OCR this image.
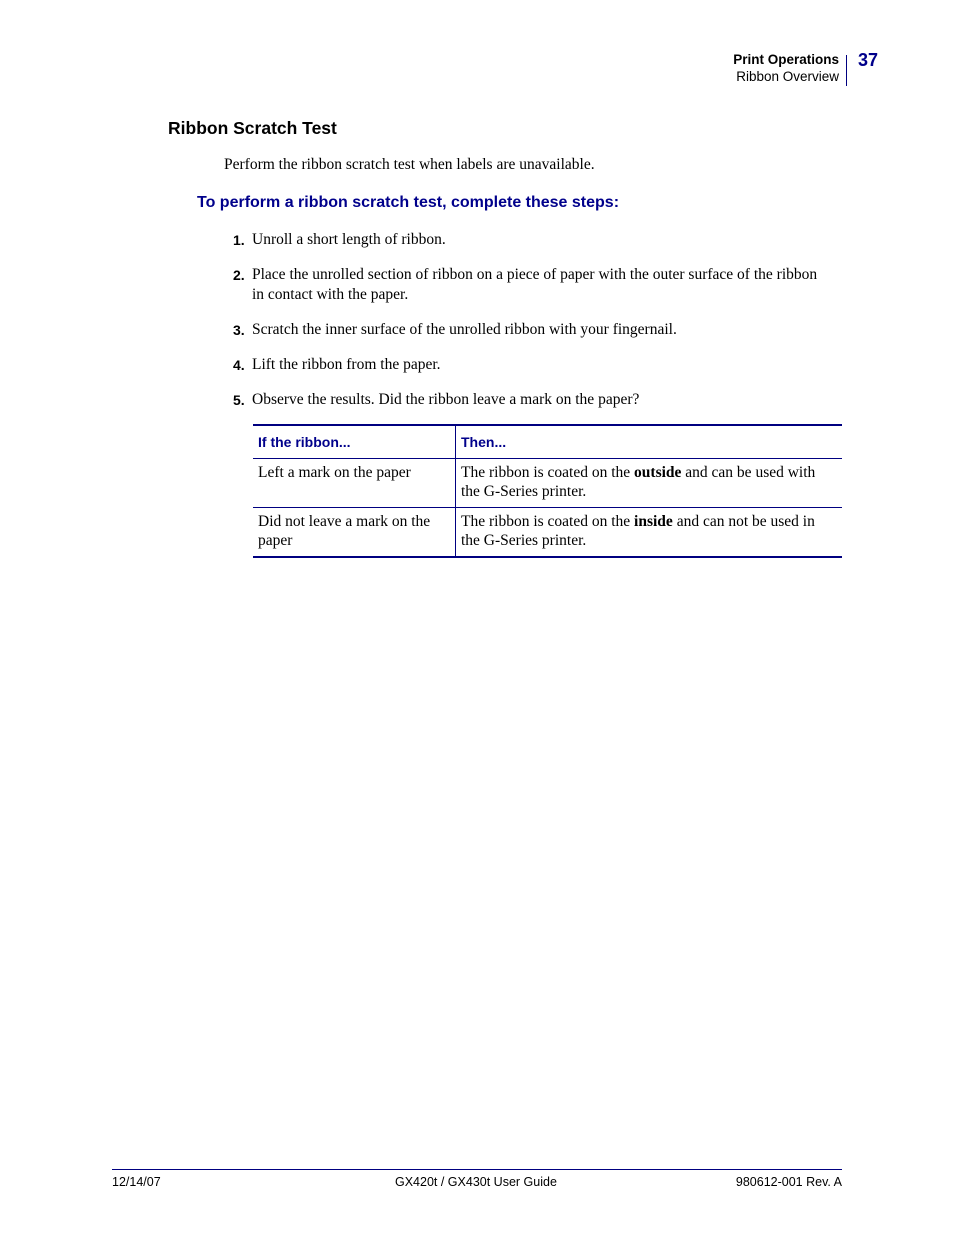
Print Operations
Ribbon Overview
37
Ribbon Scratch Test
Perform the ribbon scratch test when labels are unavailable.
To perform a ribbon scratch test, complete these steps:
1. Unroll a short length of ribbon.
2. Place the unrolled section of ribbon on a piece of paper with the outer surface of the ribbon in contact with the paper.
3. Scratch the inner surface of the unrolled ribbon with your fingernail.
4. Lift the ribbon from the paper.
5. Observe the results. Did the ribbon leave a mark on the paper?
If the ribbon...	Then...
Left a mark on the paper	The ribbon is coated on the outside and can be used with the G-Series printer.
Did not leave a mark on the paper	The ribbon is coated on the inside and can not be used in the G-Series printer.
12/14/07	GX420t / GX430t User Guide	980612-001 Rev. A
